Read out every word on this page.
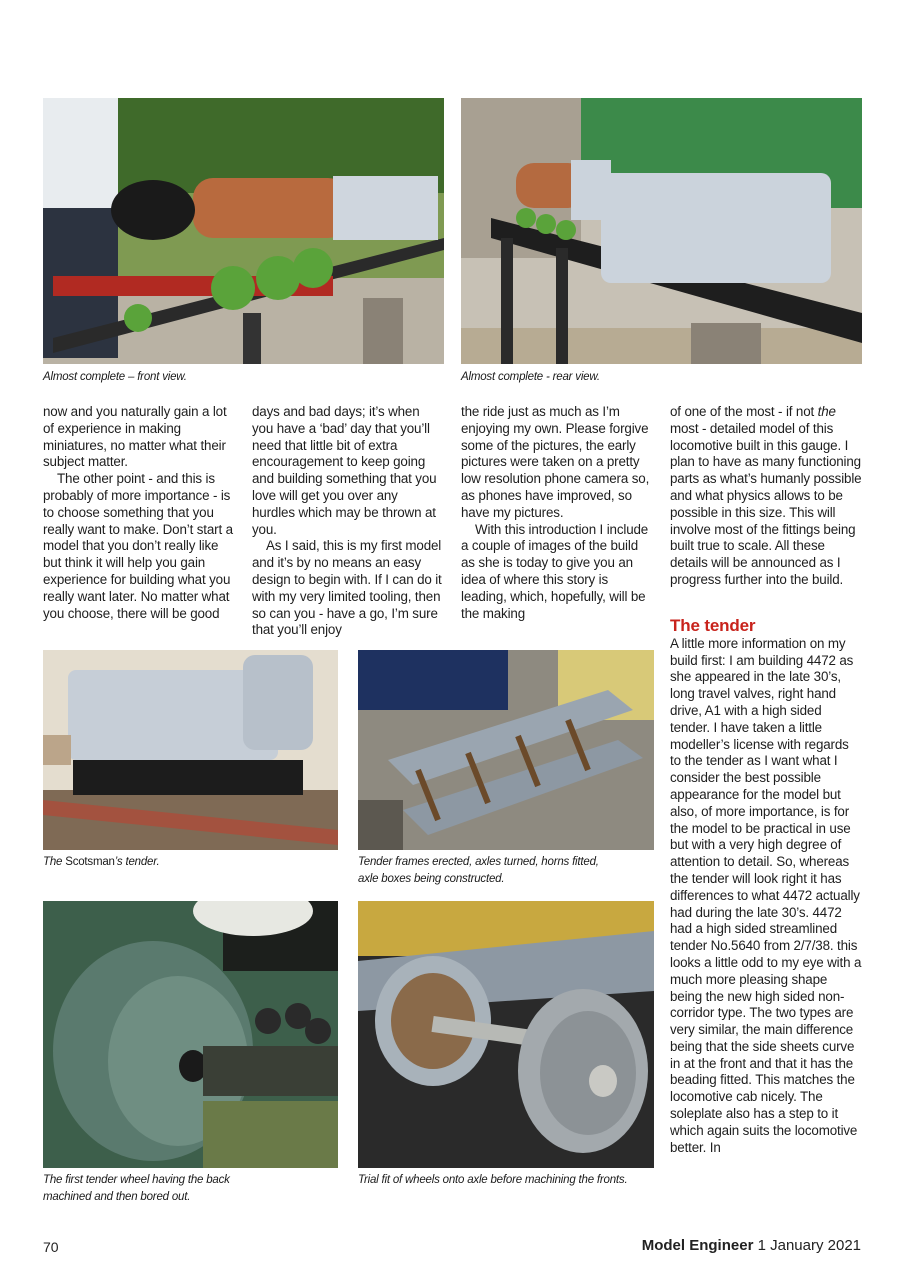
Almost complete – front view.	Almost complete - rear view.

now and you naturally gain a lot of experience in making miniatures, no matter what their subject matter.

The other point - and this is probably of more importance - is to choose something that you really want to make. Don’t start a model that you don’t really like but think it will help you gain experience for building what you really want later. No matter what you choose, there will be good

days and bad days; it’s when you have a ‘bad’ day that you’ll need that little bit of extra encouragement to keep going and building something that you love will get you over any hurdles which may be thrown at you.

As I said, this is my first model and it’s by no means an easy design to begin with. If I can do it with my very limited tooling, then so can you - have a go, I’m sure that you’ll enjoy

the ride just as much as I’m enjoying my own. Please forgive some of the pictures, the early pictures were taken on a pretty low resolution phone camera so, as phones have improved, so have my pictures.

With this introduction I include a couple of images of the build as she is today to give you an idea of where this story is leading, which, hopefully, will be the making

of one of the most - if not the most - detailed model of this locomotive built in this gauge. I plan to have as many functioning parts as what’s humanly possible and what physics allows to be possible in this size. This will involve most of the fittings being built true to scale. All these details will be announced as I progress further into the build.

The tender

A little more information on my build first: I am building 4472 as she appeared in the late 30’s, long travel valves, right hand drive, A1 with a high sided tender. I have taken a little modeller’s license with regards to the tender as I want what I consider the best possible appearance for the model but also, of more importance, is for the model to be practical in use but with a very high degree of attention to detail. So, whereas the tender will look right it has differences to what 4472 actually had during the late 30’s. 4472 had a high sided streamlined tender No.5640 from 2/7/38. this looks a little odd to my eye with a much more pleasing shape being the new high sided non- corridor type. The two types are very similar, the main difference being that the side sheets curve in at the front and that it has the beading fitted. This matches the locomotive cab nicely. The soleplate also has a step to it which again suits the locomotive better. In

The Scotsman’s tender.	Tender frames erected, axles turned, horns fitted,
axle boxes being constructed.
The first tender wheel having the back
machined and then bored out.
Trial fit of wheels onto axle before machining the fronts.
70	Model Engineer 1 January 2021
